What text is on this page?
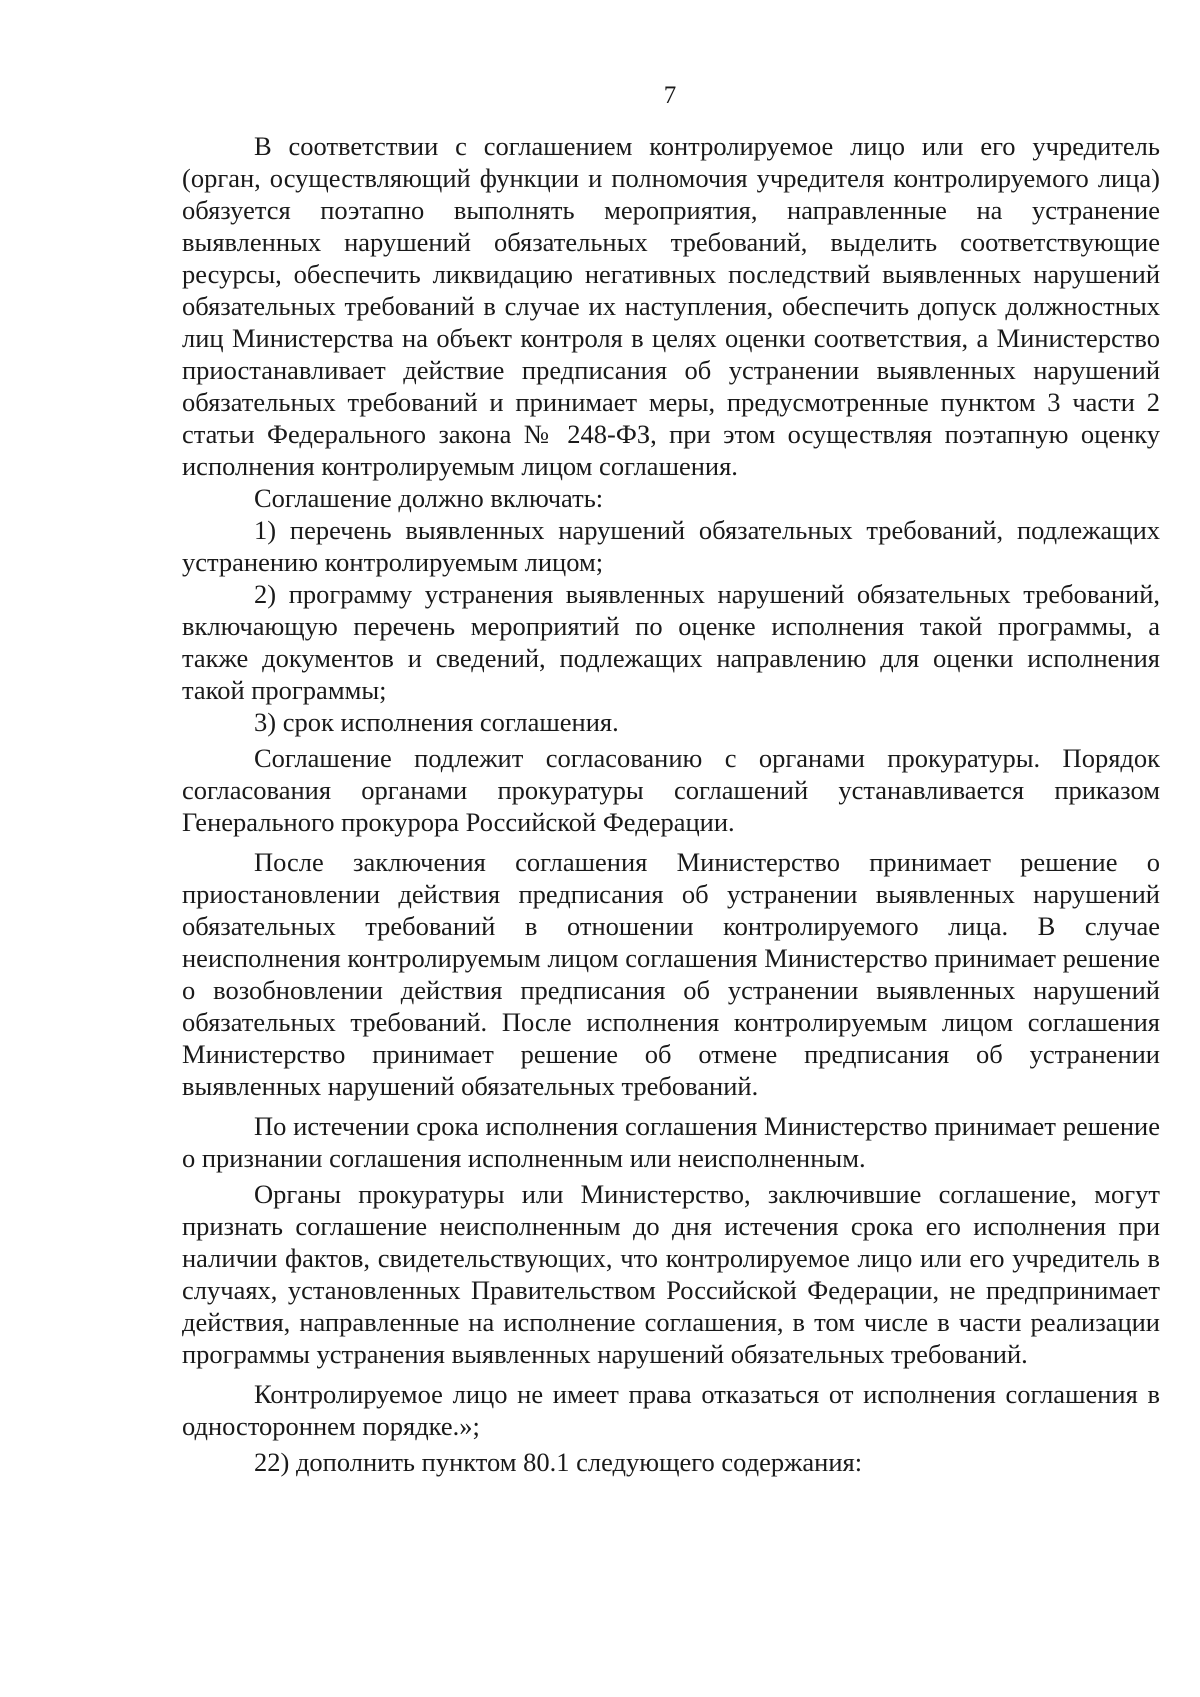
7

В соответствии с соглашением контролируемое лицо или его учредитель (орган, осуществляющий функции и полномочия учредителя контролируемого лица) обязуется поэтапно выполнять мероприятия, направленные на устранение выявленных нарушений обязательных требований, выделить соответствующие ресурсы, обеспечить ликвидацию негативных последствий выявленных нарушений обязательных требований в случае их наступления, обеспечить допуск должностных лиц Министерства на объект контроля в целях оценки соответствия, а Министерство приостанавливает действие предписания об устранении выявленных нарушений обязательных требований и принимает меры, предусмотренные пунктом 3 части 2 статьи Федерального закона № 248-ФЗ, при этом осуществляя поэтапную оценку исполнения контролируемым лицом соглашения.

Соглашение должно включать:

1) перечень выявленных нарушений обязательных требований, подлежащих устранению контролируемым лицом;

2) программу устранения выявленных нарушений обязательных требований, включающую перечень мероприятий по оценке исполнения такой программы, а также документов и сведений, подлежащих направлению для оценки исполнения такой программы;

3) срок исполнения соглашения.

Соглашение подлежит согласованию с органами прокуратуры. Порядок согласования органами прокуратуры соглашений устанавливается приказом Генерального прокурора Российской Федерации.

После заключения соглашения Министерство принимает решение о приостановлении действия предписания об устранении выявленных нарушений обязательных требований в отношении контролируемого лица. В случае неисполнения контролируемым лицом соглашения Министерство принимает решение о возобновлении действия предписания об устранении выявленных нарушений обязательных требований. После исполнения контролируемым лицом соглашения Министерство принимает решение об отмене предписания об устранении выявленных нарушений обязательных требований.

По истечении срока исполнения соглашения Министерство принимает решение о признании соглашения исполненным или неисполненным.

Органы прокуратуры или Министерство, заключившие соглашение, могут признать соглашение неисполненным до дня истечения срока его исполнения при наличии фактов, свидетельствующих, что контролируемое лицо или его учредитель в случаях, установленных Правительством Российской Федерации, не предпринимает действия, направленные на исполнение соглашения, в том числе в части реализации программы устранения выявленных нарушений обязательных требований.

Контролируемое лицо не имеет права отказаться от исполнения соглашения в одностороннем порядке.»;

22) дополнить пунктом 80.1 следующего содержания:
